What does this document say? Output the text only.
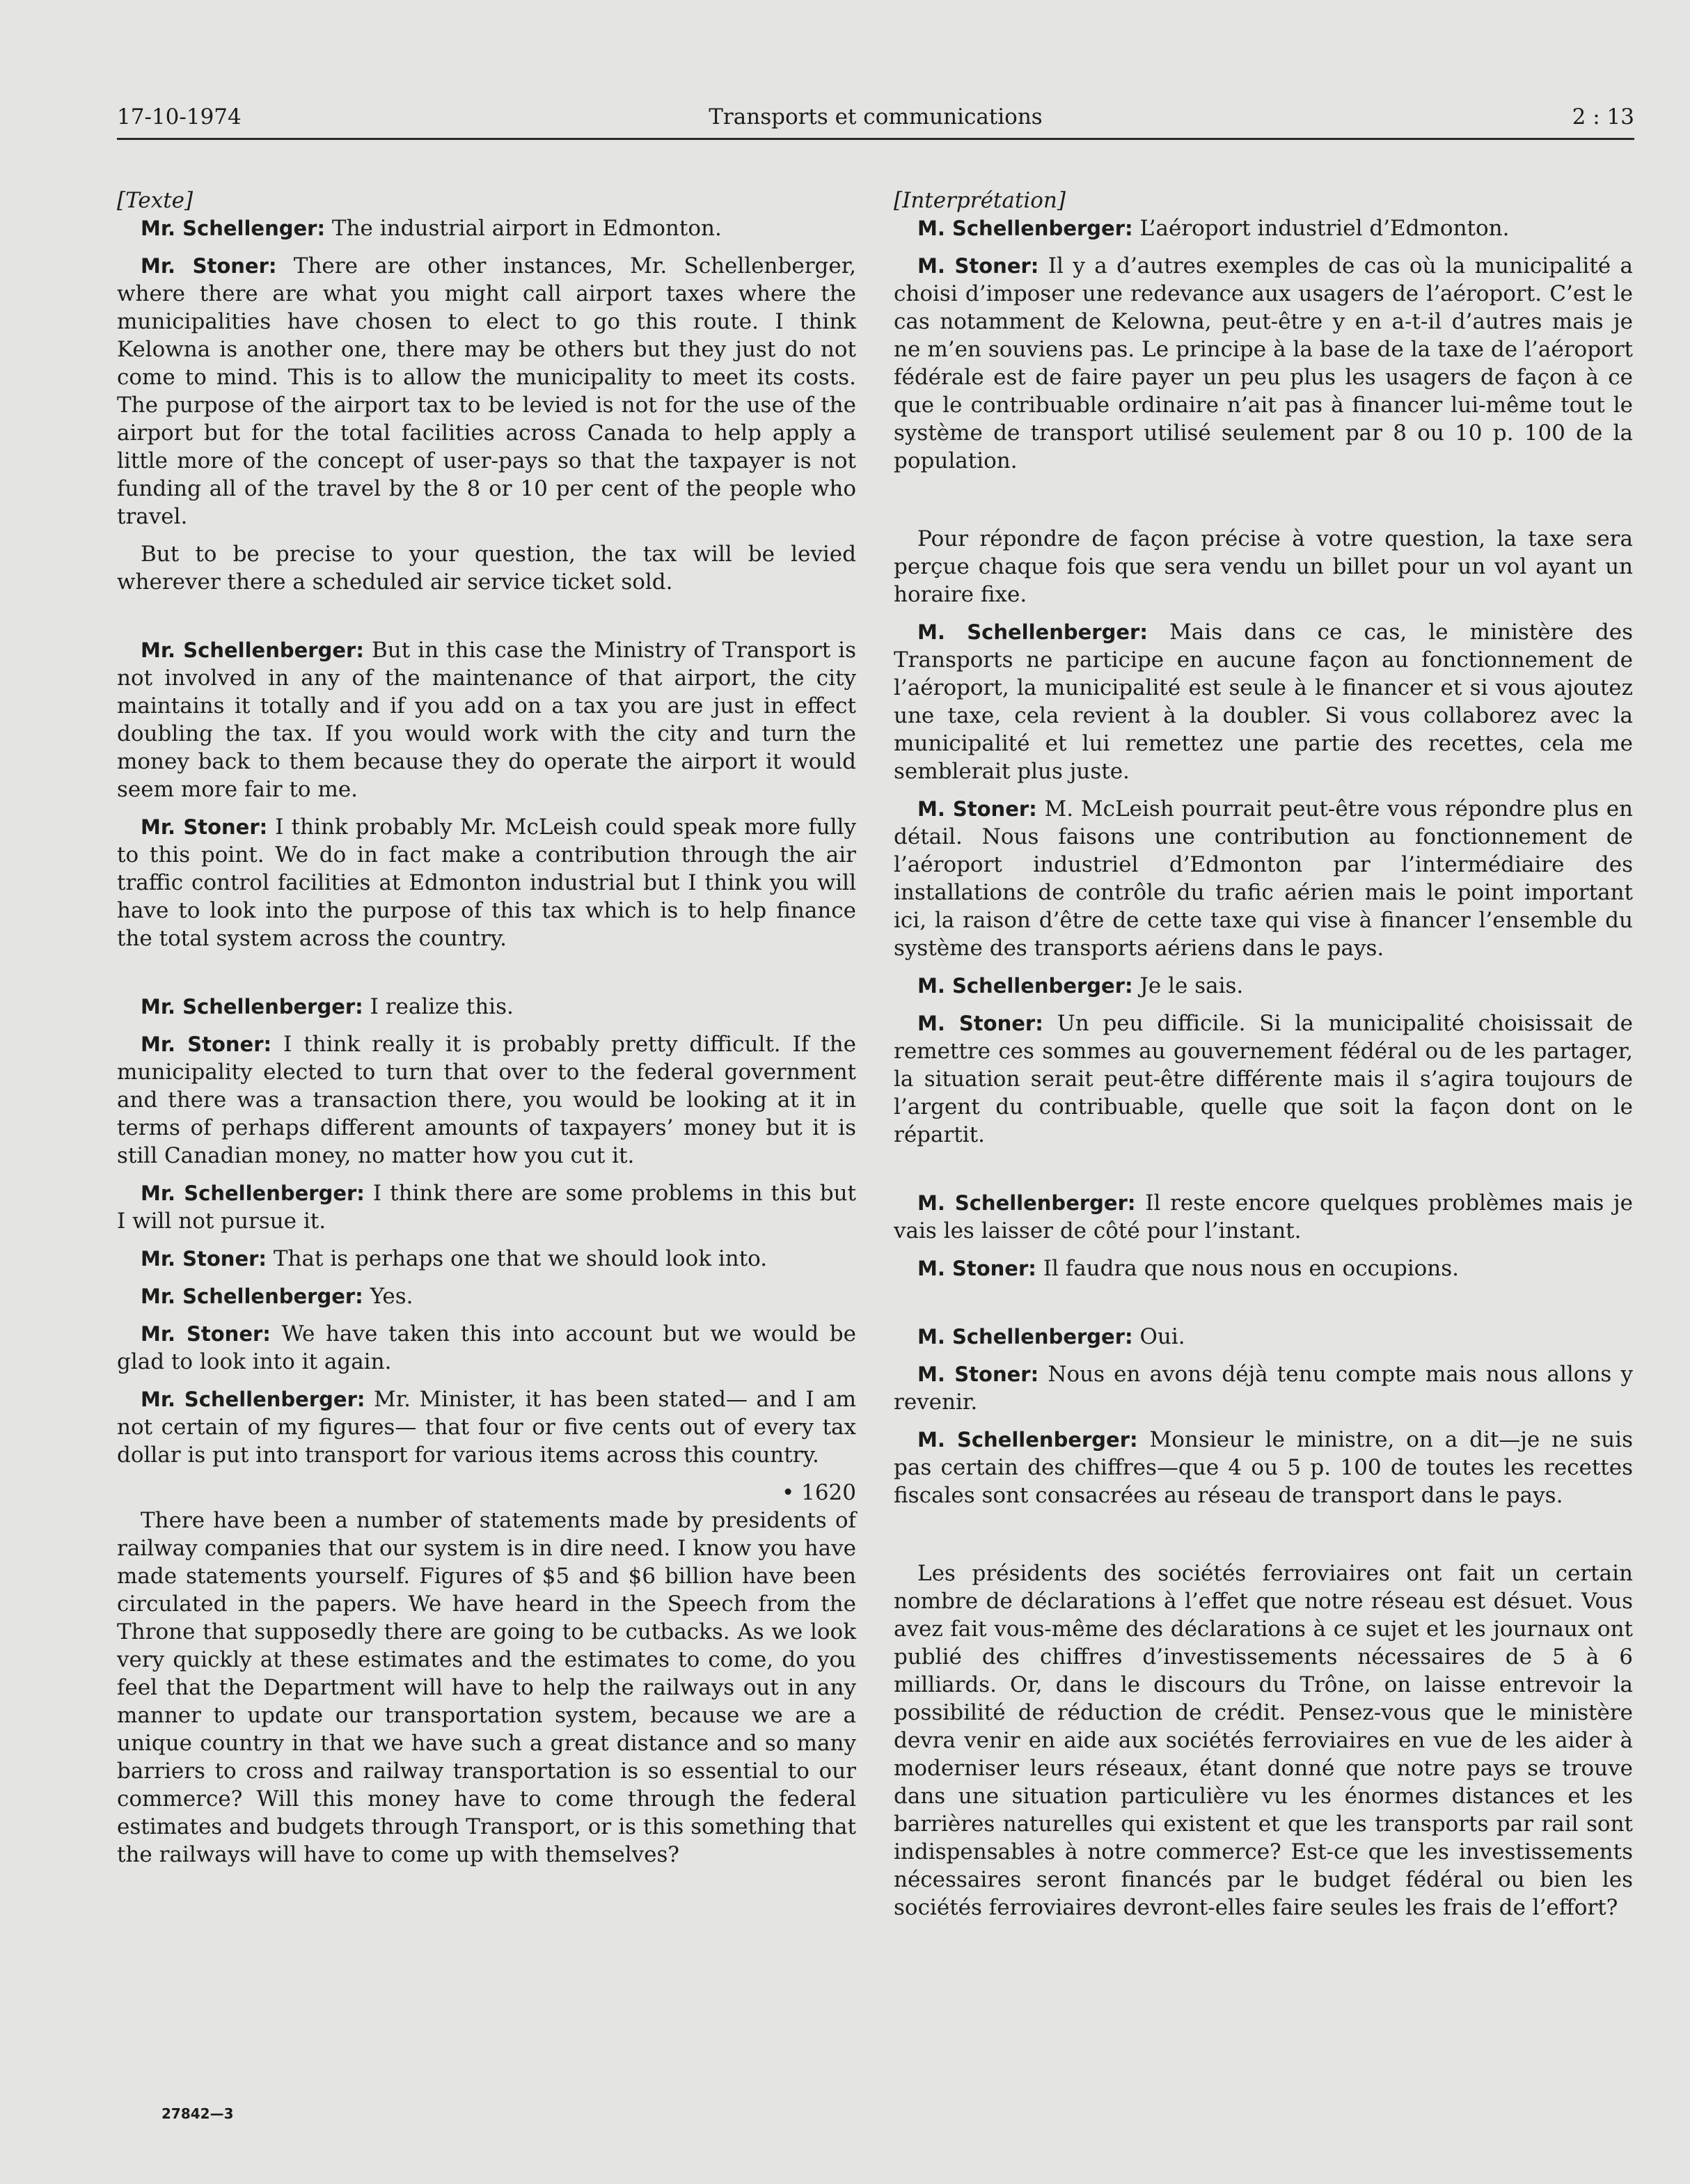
17-10-1974	Transports et communications	2 : 13

[Texte]

Mr. Schellenger: The industrial airport in Edmonton.

Mr. Stoner: There are other instances, Mr. Schellenberger, where there are what you might call airport taxes where the municipalities have chosen to elect to go this route. I think Kelowna is another one, there may be others but they just do not come to mind. This is to allow the municipality to meet its costs. The purpose of the airport tax to be levied is not for the use of the airport but for the total facilities across Canada to help apply a little more of the concept of user-pays so that the taxpayer is not funding all of the travel by the 8 or 10 per cent of the people who travel.

But to be precise to your question, the tax will be levied wherever there a scheduled air service ticket sold.

Mr. Schellenberger: But in this case the Ministry of Transport is not involved in any of the maintenance of that airport, the city maintains it totally and if you add on a tax you are just in effect doubling the tax. If you would work with the city and turn the money back to them because they do operate the airport it would seem more fair to me.

Mr. Stoner: I think probably Mr. McLeish could speak more fully to this point. We do in fact make a contribution through the air traffic control facilities at Edmonton industrial but I think you will have to look into the purpose of this tax which is to help finance the total system across the country.

Mr. Schellenberger: I realize this.

Mr. Stoner: I think really it is probably pretty difficult. If the municipality elected to turn that over to the federal government and there was a transaction there, you would be looking at it in terms of perhaps different amounts of taxpayers’ money but it is still Canadian money, no matter how you cut it.

Mr. Schellenberger: I think there are some problems in this but I will not pursue it.

Mr. Stoner: That is perhaps one that we should look into.

Mr. Schellenberger: Yes.

Mr. Stoner: We have taken this into account but we would be glad to look into it again.

Mr. Schellenberger: Mr. Minister, it has been stated— and I am not certain of my figures— that four or five cents out of every tax dollar is put into transport for various items across this country.

• 1620

There have been a number of statements made by presidents of railway companies that our system is in dire need. I know you have made statements yourself. Figures of $5 and $6 billion have been circulated in the papers. We have heard in the Speech from the Throne that supposedly there are going to be cutbacks. As we look very quickly at these estimates and the estimates to come, do you feel that the Department will have to help the railways out in any manner to update our transportation system, because we are a unique country in that we have such a great distance and so many barriers to cross and railway transportation is so essential to our commerce? Will this money have to come through the federal estimates and budgets through Transport, or is this something that the railways will have to come up with themselves?

[Interprétation]

M. Schellenberger: L’aéroport industriel d’Edmonton.

M. Stoner: Il y a d’autres exemples de cas où la municipalité a choisi d’imposer une redevance aux usagers de l’aéroport. C’est le cas notamment de Kelowna, peut-être y en a-t-il d’autres mais je ne m’en souviens pas. Le principe à la base de la taxe de l’aéroport fédérale est de faire payer un peu plus les usagers de façon à ce que le contribuable ordinaire n’ait pas à financer lui-même tout le système de transport utilisé seulement par 8 ou 10 p. 100 de la population.

Pour répondre de façon précise à votre question, la taxe sera perçue chaque fois que sera vendu un billet pour un vol ayant un horaire fixe.

M. Schellenberger: Mais dans ce cas, le ministère des Transports ne participe en aucune façon au fonctionnement de l’aéroport, la municipalité est seule à le financer et si vous ajoutez une taxe, cela revient à la doubler. Si vous collaborez avec la municipalité et lui remettez une partie des recettes, cela me semblerait plus juste.

M. Stoner: M. McLeish pourrait peut-être vous répondre plus en détail. Nous faisons une contribution au fonctionnement de l’aéroport industriel d’Edmonton par l’intermédiaire des installations de contrôle du trafic aérien mais le point important ici, la raison d’être de cette taxe qui vise à financer l’ensemble du système des transports aériens dans le pays.

M. Schellenberger: Je le sais.

M. Stoner: Un peu difficile. Si la municipalité choisissait de remettre ces sommes au gouvernement fédéral ou de les partager, la situation serait peut-être différente mais il s’agira toujours de l’argent du contribuable, quelle que soit la façon dont on le répartit.

M. Schellenberger: Il reste encore quelques problèmes mais je vais les laisser de côté pour l’instant.

M. Stoner: Il faudra que nous nous en occupions.

M. Schellenberger: Oui.

M. Stoner: Nous en avons déjà tenu compte mais nous allons y revenir.

M. Schellenberger: Monsieur le ministre, on a dit—je ne suis pas certain des chiffres—que 4 ou 5 p. 100 de toutes les recettes fiscales sont consacrées au réseau de transport dans le pays.

Les présidents des sociétés ferroviaires ont fait un certain nombre de déclarations à l’effet que notre réseau est désuet. Vous avez fait vous-même des déclarations à ce sujet et les journaux ont publié des chiffres d’investissements nécessaires de 5 à 6 milliards. Or, dans le discours du Trône, on laisse entrevoir la possibilité de réduction de crédit. Pensez-vous que le ministère devra venir en aide aux sociétés ferroviaires en vue de les aider à moderniser leurs réseaux, étant donné que notre pays se trouve dans une situation particulière vu les énormes distances et les barrières naturelles qui existent et que les transports par rail sont indispensables à notre commerce? Est-ce que les investissements nécessaires seront financés par le budget fédéral ou bien les sociétés ferroviaires devront-elles faire seules les frais de l’effort?

27842—3
